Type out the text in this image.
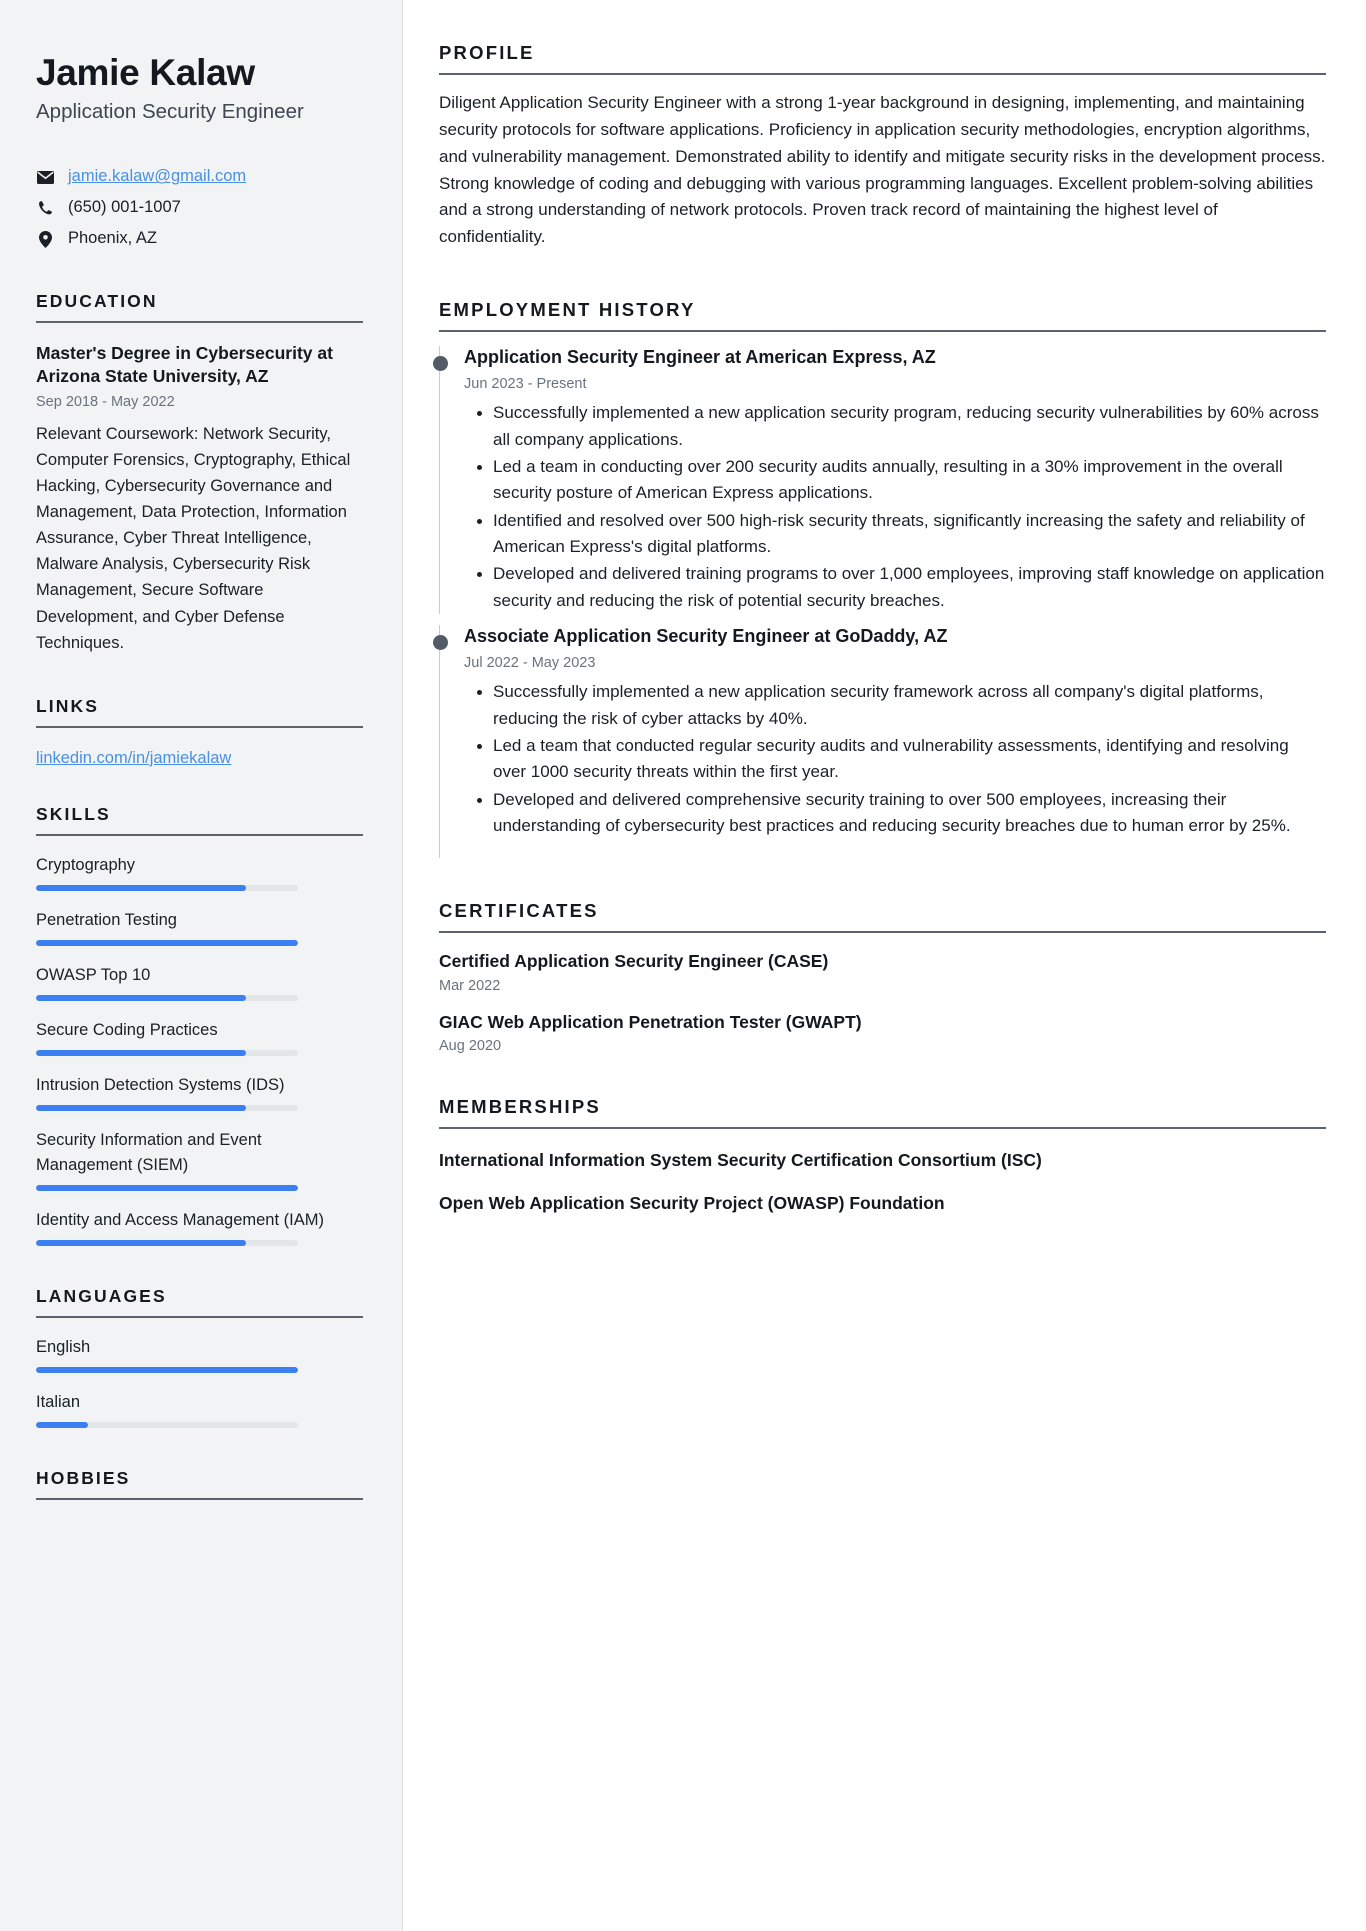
Jamie Kalaw
Application Security Engineer
jamie.kalaw@gmail.com
(650) 001-1007
Phoenix, AZ
EDUCATION
Master's Degree in Cybersecurity at Arizona State University, AZ
Sep 2018 - May 2022
Relevant Coursework: Network Security, Computer Forensics, Cryptography, Ethical Hacking, Cybersecurity Governance and Management, Data Protection, Information Assurance, Cyber Threat Intelligence, Malware Analysis, Cybersecurity Risk Management, Secure Software Development, and Cyber Defense Techniques.
LINKS
linkedin.com/in/jamiekalaw
SKILLS
Cryptography
Penetration Testing
OWASP Top 10
Secure Coding Practices
Intrusion Detection Systems (IDS)
Security Information and Event Management (SIEM)
Identity and Access Management (IAM)
LANGUAGES
English
Italian
HOBBIES
PROFILE

Diligent Application Security Engineer with a strong 1-year background in designing, implementing, and maintaining security protocols for software applications. Proficiency in application security methodologies, encryption algorithms, and vulnerability management. Demonstrated ability to identify and mitigate security risks in the development process. Strong knowledge of coding and debugging with various programming languages. Excellent problem-solving abilities and a strong understanding of network protocols. Proven track record of maintaining the highest level of confidentiality.

EMPLOYMENT HISTORY
Application Security Engineer at American Express, AZ
Jun 2023 - Present
Successfully implemented a new application security program, reducing security vulnerabilities by 60% across all company applications.
Led a team in conducting over 200 security audits annually, resulting in a 30% improvement in the overall security posture of American Express applications.
Identified and resolved over 500 high-risk security threats, significantly increasing the safety and reliability of American Express's digital platforms.
Developed and delivered training programs to over 1,000 employees, improving staff knowledge on application security and reducing the risk of potential security breaches.
Associate Application Security Engineer at GoDaddy, AZ
Jul 2022 - May 2023
Successfully implemented a new application security framework across all company's digital platforms, reducing the risk of cyber attacks by 40%.
Led a team that conducted regular security audits and vulnerability assessments, identifying and resolving over 1000 security threats within the first year.
Developed and delivered comprehensive security training to over 500 employees, increasing their understanding of cybersecurity best practices and reducing security breaches due to human error by 25%.
CERTIFICATES
Certified Application Security Engineer (CASE)
Mar 2022
GIAC Web Application Penetration Tester (GWAPT)
Aug 2020
MEMBERSHIPS
International Information System Security Certification Consortium (ISC)
Open Web Application Security Project (OWASP) Foundation
